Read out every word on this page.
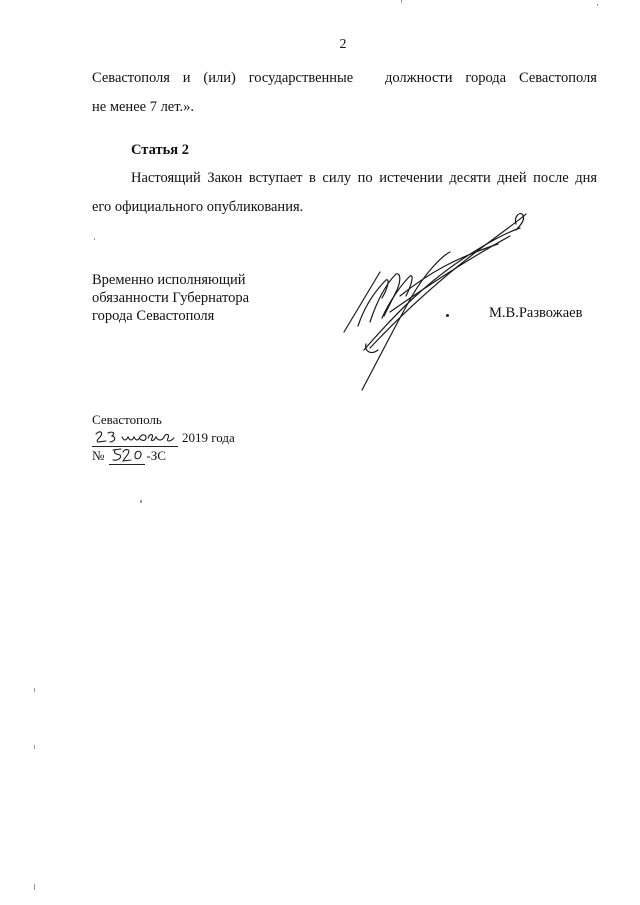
2
Севастополя и (или) государственные должности города Севастополя
не менее 7 лет.».
Статья 2
Настоящий Закон вступает в силу по истечении десяти дней после дня
его официального опубликования.
Временно исполняющий
обязанности Губернатора
города Севастополя	М.В.Развожаев
Севастополь
2019 года
№	-ЗС
